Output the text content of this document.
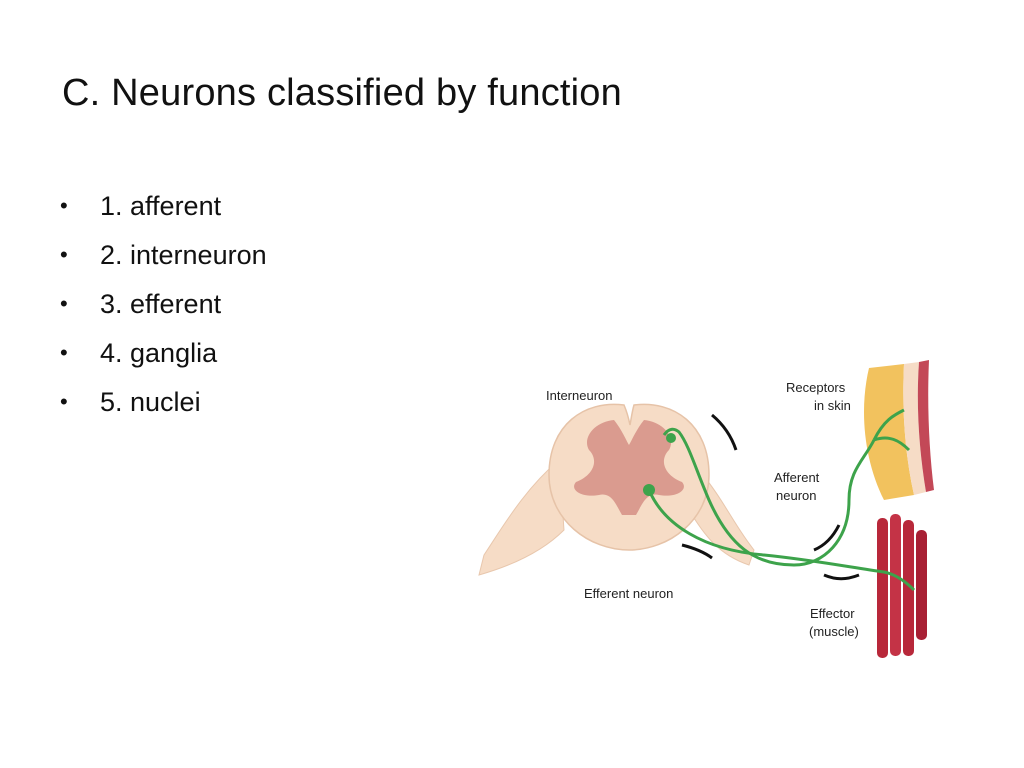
C. Neurons classified by function
• 1. afferent
• 2. interneuron
• 3. efferent
• 4. ganglia
• 5. nuclei	Interneuron
Receptors
in skin
Afferent
neuron
Efferent neuron
Effector
(muscle)
